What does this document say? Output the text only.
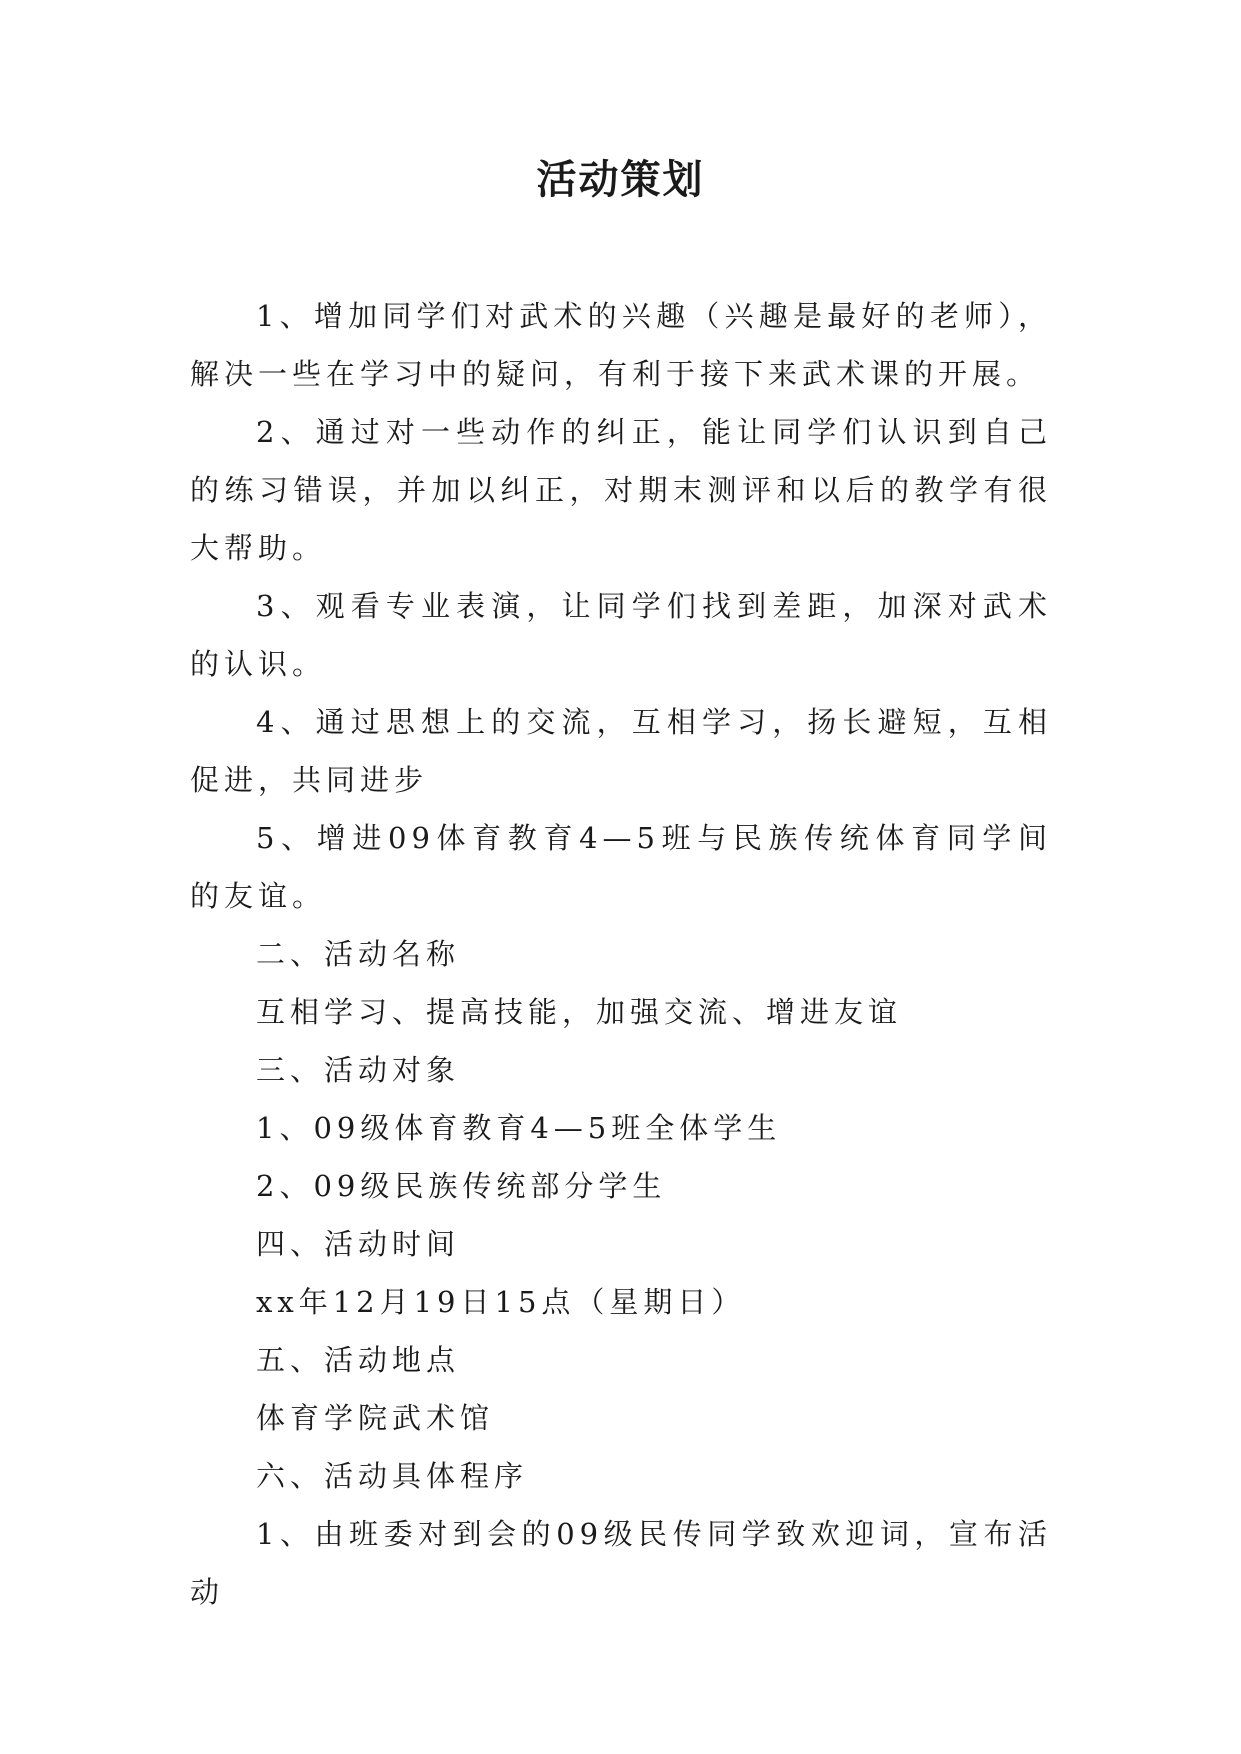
活动策划

1、增加同学们对武术的兴趣（兴趣是最好的老师），解决一些在学习中的疑问，有利于接下来武术课的开展。

2、通过对一些动作的纠正，能让同学们认识到自己的练习错误，并加以纠正，对期末测评和以后的教学有很大帮助。

3、观看专业表演，让同学们找到差距，加深对武术的认识。

4、通过思想上的交流，互相学习，扬长避短，互相促进，共同进步

5、增进09体育教育4—5班与民族传统体育同学间的友谊。

二、活动名称

互相学习、提高技能，加强交流、增进友谊

三、活动对象

1、09级体育教育4—5班全体学生

2、09级民族传统部分学生

四、活动时间

xx年12月19日15点（星期日）

五、活动地点

体育学院武术馆

六、活动具体程序

1、由班委对到会的09级民传同学致欢迎词，宣布活动
